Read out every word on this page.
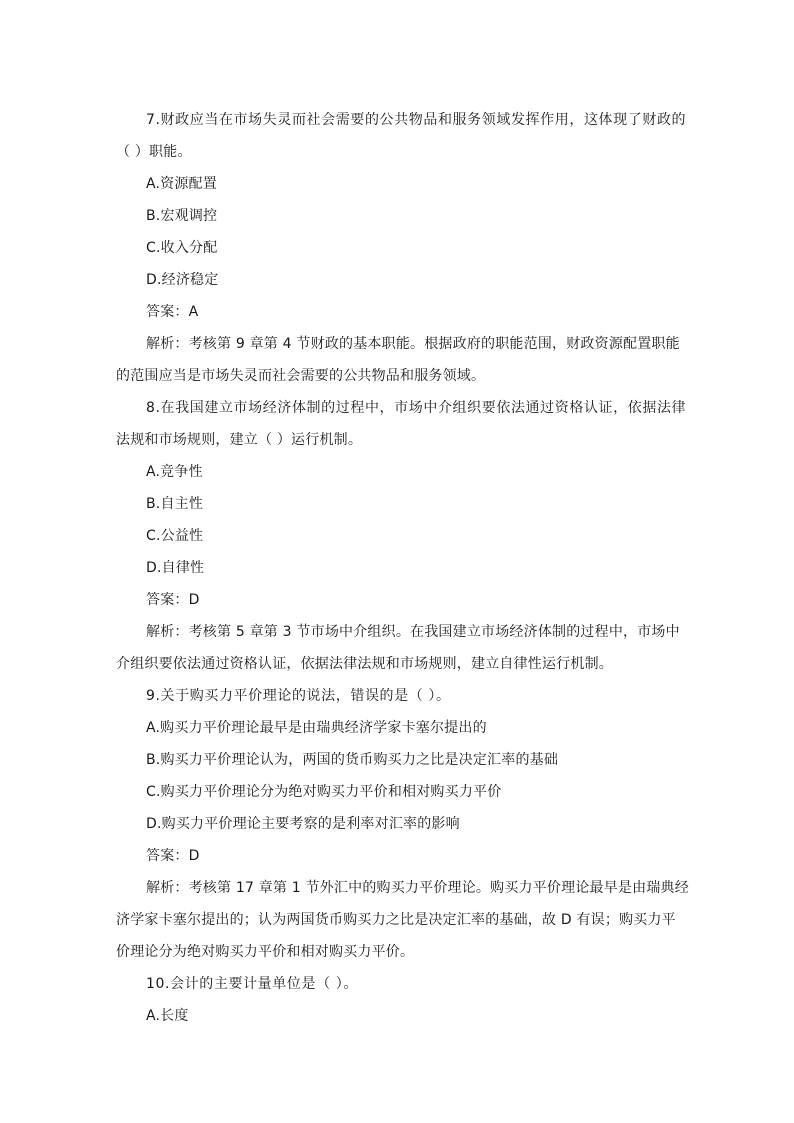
7.财政应当在市场失灵而社会需要的公共物品和服务领域发挥作用，这体现了财政的
（ ）职能。
A.资源配置
B.宏观调控
C.收入分配
D.经济稳定
答案：A
解析：考核第 9 章第 4 节财政的基本职能。根据政府的职能范围，财政资源配置职能
的范围应当是市场失灵而社会需要的公共物品和服务领域。
8.在我国建立市场经济体制的过程中，市场中介组织要依法通过资格认证，依据法律
法规和市场规则，建立（ ）运行机制。
A.竞争性
B.自主性
C.公益性
D.自律性
答案：D
解析：考核第 5 章第 3 节市场中介组织。在我国建立市场经济体制的过程中，市场中
介组织要依法通过资格认证，依据法律法规和市场规则，建立自律性运行机制。
9.关于购买力平价理论的说法，错误的是（ ）。
A.购买力平价理论最早是由瑞典经济学家卡塞尔提出的
B.购买力平价理论认为，两国的货币购买力之比是决定汇率的基础
C.购买力平价理论分为绝对购买力平价和相对购买力平价
D.购买力平价理论主要考察的是利率对汇率的影响
答案：D
解析：考核第 17 章第 1 节外汇中的购买力平价理论。购买力平价理论最早是由瑞典经
济学家卡塞尔提出的；认为两国货币购买力之比是决定汇率的基础，故 D 有误；购买力平
价理论分为绝对购买力平价和相对购买力平价。
10.会计的主要计量单位是（ ）。
A.长度
